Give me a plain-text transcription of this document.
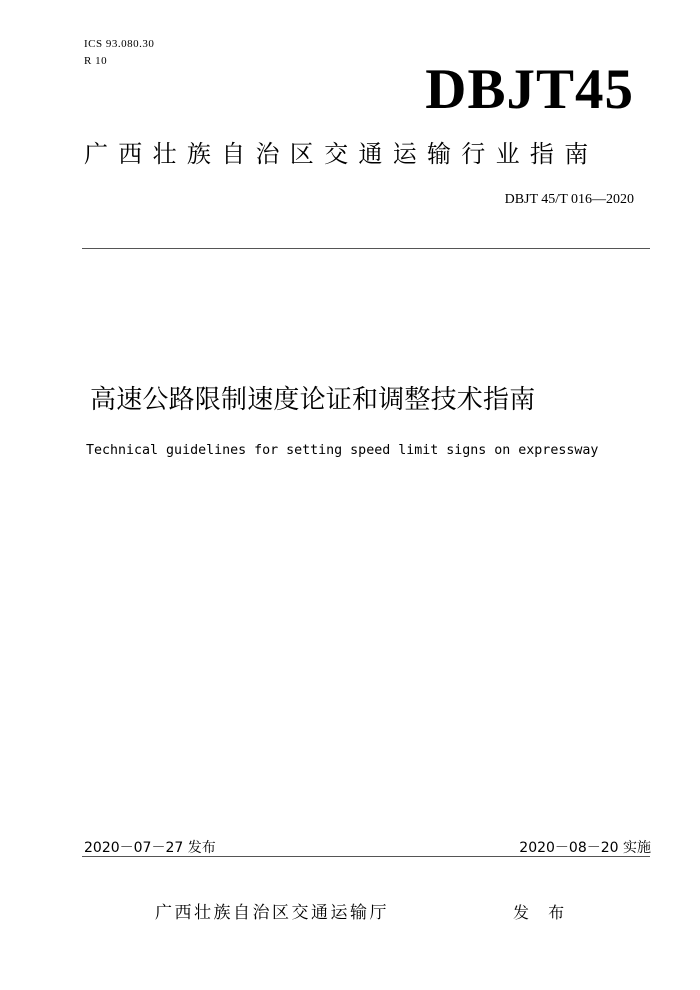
ICS 93.080.30
R 10	DBJT45
广西壮族自治区交通运输行业指南
DBJT 45/T 016—2020
高速公路限制速度论证和调整技术指南
Technical guidelines for setting speed limit signs on expressway
2020－07－27 发布	2020－08－20 实施
广西壮族自治区交通运输厅	发 布
